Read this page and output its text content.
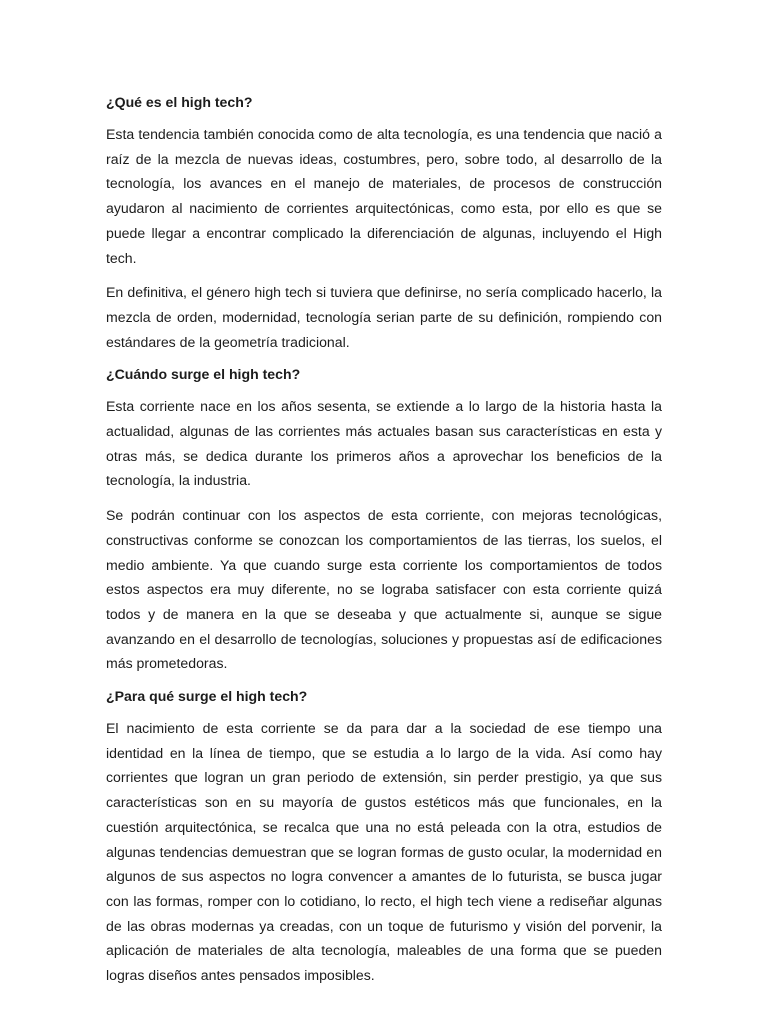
¿Qué es el high tech?

Esta tendencia también conocida como de alta tecnología, es una tendencia que nació a raíz de la mezcla de nuevas ideas, costumbres, pero, sobre todo, al desarrollo de la tecnología, los avances en el manejo de materiales, de procesos de construcción ayudaron al nacimiento de corrientes arquitectónicas, como esta, por ello es que se puede llegar a encontrar complicado la diferenciación de algunas, incluyendo el High tech.

En definitiva, el género high tech si tuviera que definirse, no sería complicado hacerlo, la mezcla de orden, modernidad, tecnología serian parte de su definición, rompiendo con estándares de la geometría tradicional.

¿Cuándo surge el high tech?

Esta corriente nace en los años sesenta, se extiende a lo largo de la historia hasta la actualidad, algunas de las corrientes más actuales basan sus características en esta y otras más, se dedica durante los primeros años a aprovechar los beneficios de la tecnología, la industria.

Se podrán continuar con los aspectos de esta corriente, con mejoras tecnológicas, constructivas conforme se conozcan los comportamientos de las tierras, los suelos, el medio ambiente. Ya que cuando surge esta corriente los comportamientos de todos estos aspectos era muy diferente, no se lograba satisfacer con esta corriente quizá todos y de manera en la que se deseaba y que actualmente si, aunque se sigue avanzando en el desarrollo de tecnologías, soluciones y propuestas así de edificaciones más prometedoras.

¿Para qué surge el high tech?

El nacimiento de esta corriente se da para dar a la sociedad de ese tiempo una identidad en la línea de tiempo, que se estudia a lo largo de la vida. Así como hay corrientes que logran un gran periodo de extensión, sin perder prestigio, ya que sus características son en su mayoría de gustos estéticos más que funcionales, en la cuestión arquitectónica, se recalca que una no está peleada con la otra, estudios de algunas tendencias demuestran que se logran formas de gusto ocular, la modernidad en algunos de sus aspectos no logra convencer a amantes de lo futurista, se busca jugar con las formas, romper con lo cotidiano, lo recto, el high tech viene a rediseñar algunas de las obras modernas ya creadas, con un toque de futurismo y visión del porvenir, la aplicación de materiales de alta tecnología, maleables de una forma que se pueden logras diseños antes pensados imposibles.
